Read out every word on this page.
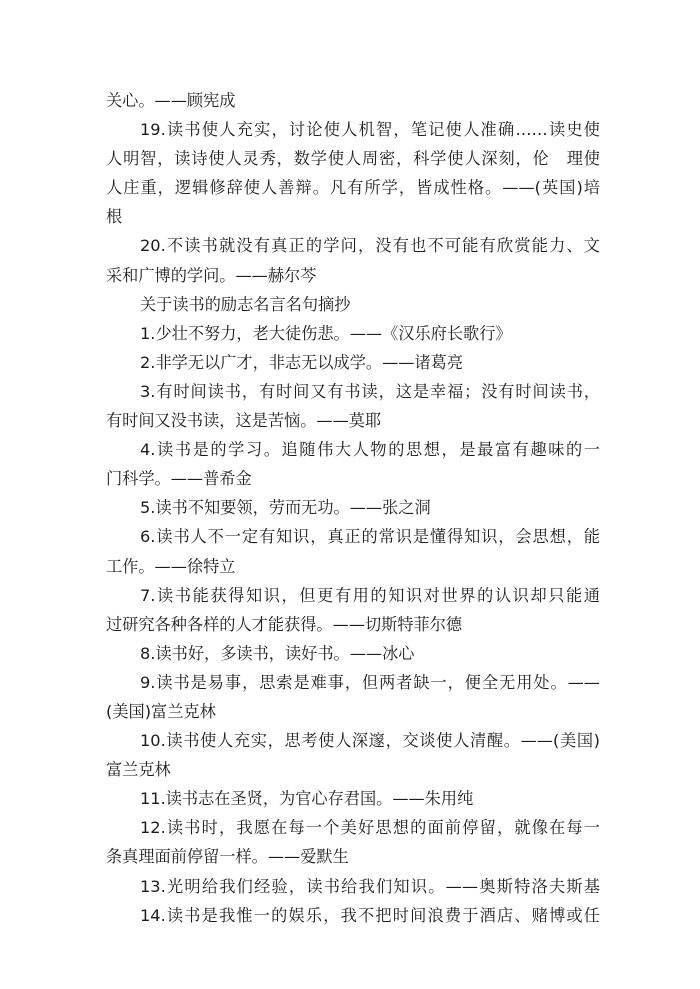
关心。——顾宪成
19.读书使人充实，讨论使人机智，笔记使人准确……读史使
人明智，读诗使人灵秀，数学使人周密，科学使人深刻，伦　理使
人庄重，逻辑修辞使人善辩。凡有所学，皆成性格。——(英国)培
根
20.不读书就没有真正的学问，没有也不可能有欣赏能力、文
采和广博的学问。——赫尔芩
关于读书的励志名言名句摘抄
1.少壮不努力，老大徒伤悲。——《汉乐府长歌行》
2.非学无以广才，非志无以成学。——诸葛亮
3.有时间读书，有时间又有书读，这是幸福；没有时间读书，
有时间又没书读，这是苦恼。——莫耶
4.读书是的学习。追随伟大人物的思想，是最富有趣味的一
门科学。——普希金
5.读书不知要领，劳而无功。——张之洞
6.读书人不一定有知识，真正的常识是懂得知识，会思想，能
工作。——徐特立
7.读书能获得知识，但更有用的知识对世界的认识却只能通
过研究各种各样的人才能获得。——切斯特菲尔德
8.读书好，多读书，读好书。——冰心
9.读书是易事，思索是难事，但两者缺一，便全无用处。——
(美国)富兰克林
10.读书使人充实，思考使人深邃，交谈使人清醒。——(美国)
富兰克林
11.读书志在圣贤，为官心存君国。——朱用纯
12.读书时，我愿在每一个美好思想的面前停留，就像在每一
条真理面前停留一样。——爱默生
13.光明给我们经验，读书给我们知识。——奥斯特洛夫斯基
14.读书是我惟一的娱乐，我不把时间浪费于酒店、赌博或任
